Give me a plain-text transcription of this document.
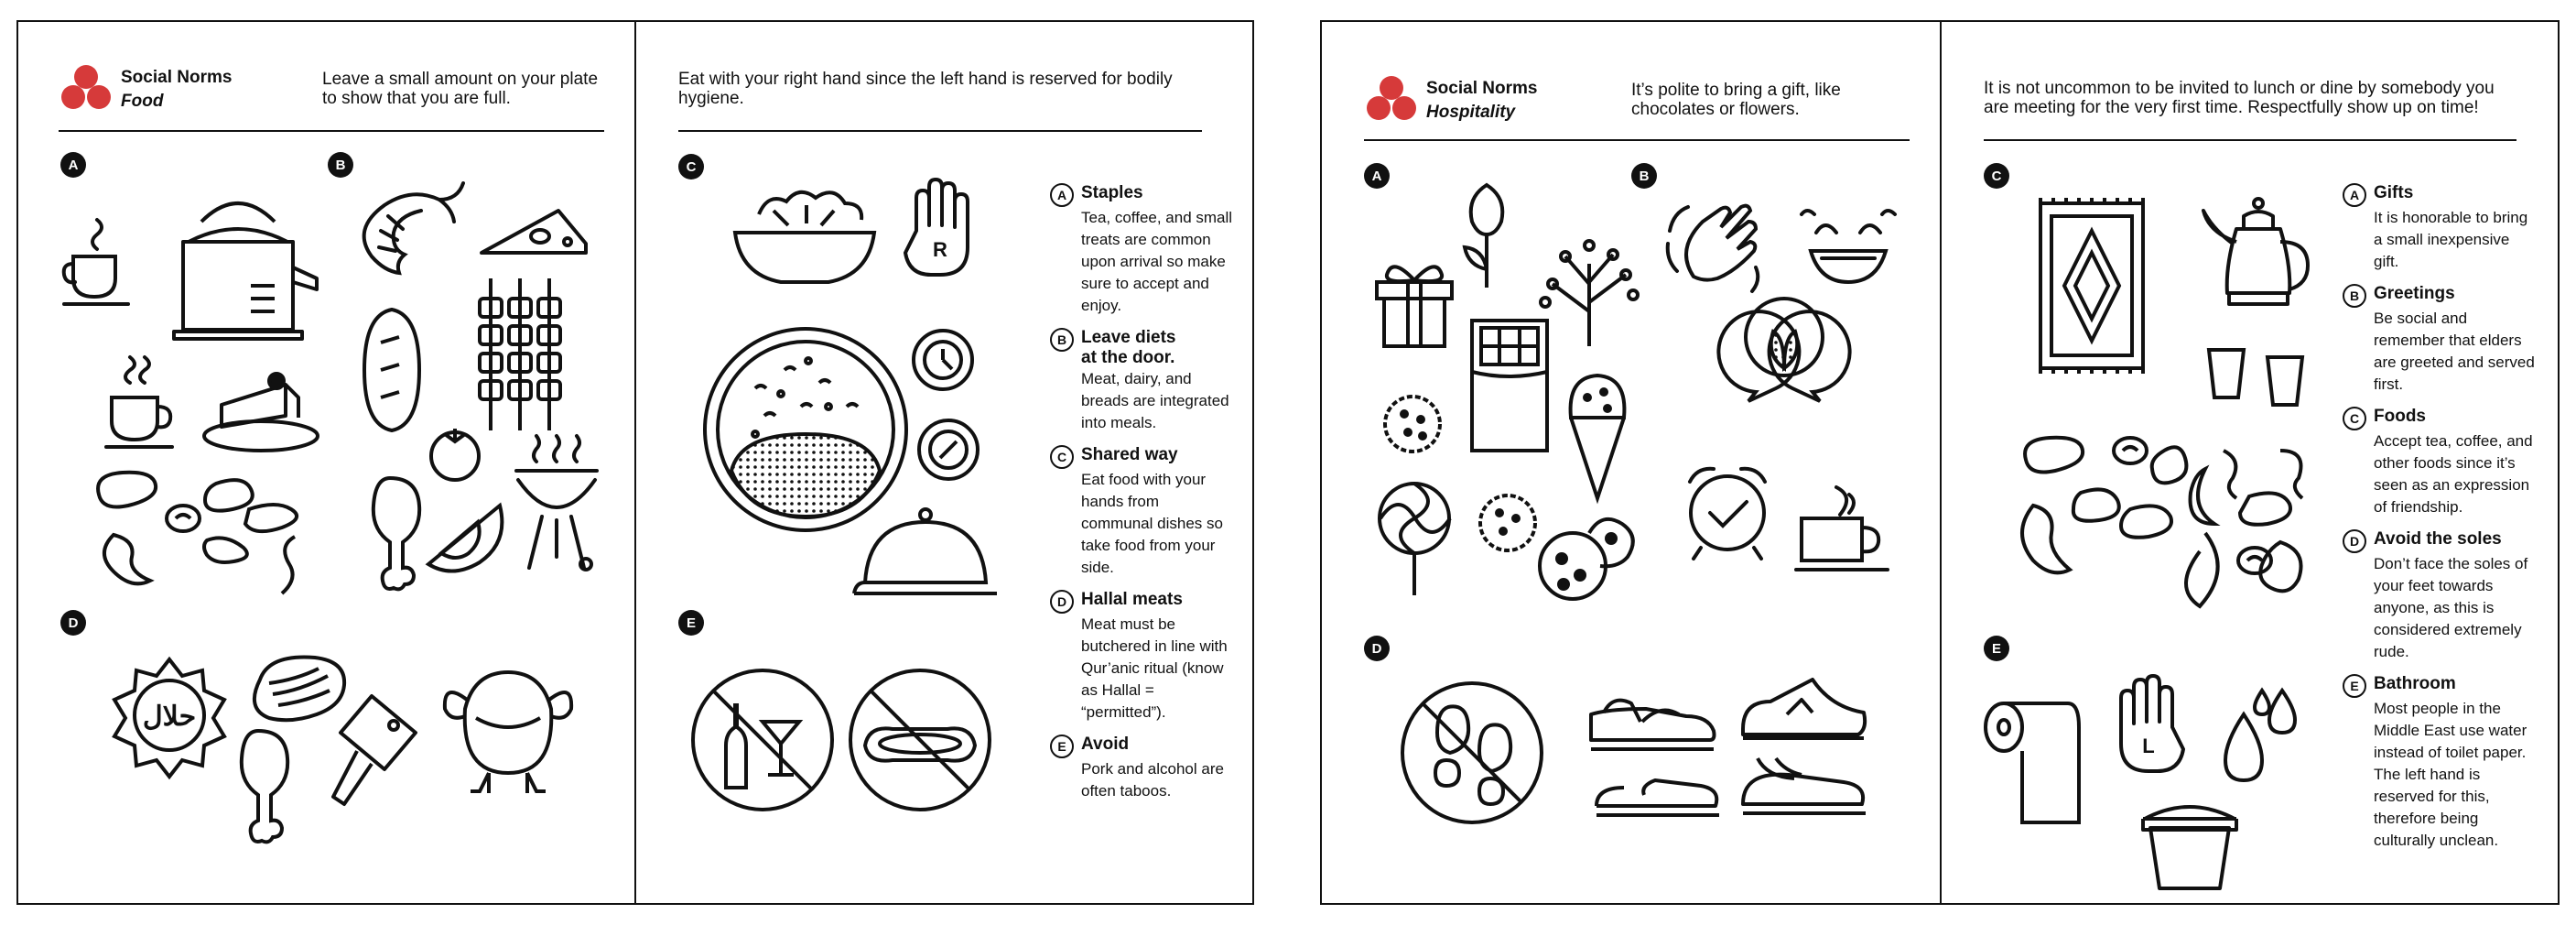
Social Norms
Food
Leave a small amount on your plate to show that you are full.
A	B
D
حلال
Eat with your right hand since the left hand is reserved for bodily hygiene.
C
E
R
A Staples
Tea, coffee, and small treats are common upon arrival so make sure to accept and enjoy.
B Leave diets at the door.
Meat, dairy, and breads are integrated into meals.
C Shared way
Eat food with your hands from communal dishes so take food from your side.
D Hallal meats
Meat must be butchered in line with Qur’anic ritual (know as Hallal = “permitted”).
E Avoid
Pork and alcohol are often taboos.
Social Norms
Hospitality
It’s polite to bring a gift, like chocolates or flowers.
A	B
D
It is not uncommon to be invited to lunch or dine by somebody you are meeting for the very first time. Respectfully show up on time!
C
E
L
A Gifts
It is honorable to bring a small inexpensive gift.
B Greetings
Be social and remember that elders are greeted and served first.
C Foods
Accept tea, coffee, and other foods since it’s seen as an expression of friendship.
D Avoid the soles
Don’t face the soles of your feet towards anyone, as this is considered extremely rude.
E Bathroom
Most people in the Middle East use water instead of toilet paper. The left hand is reserved for this, therefore being culturally unclean.
